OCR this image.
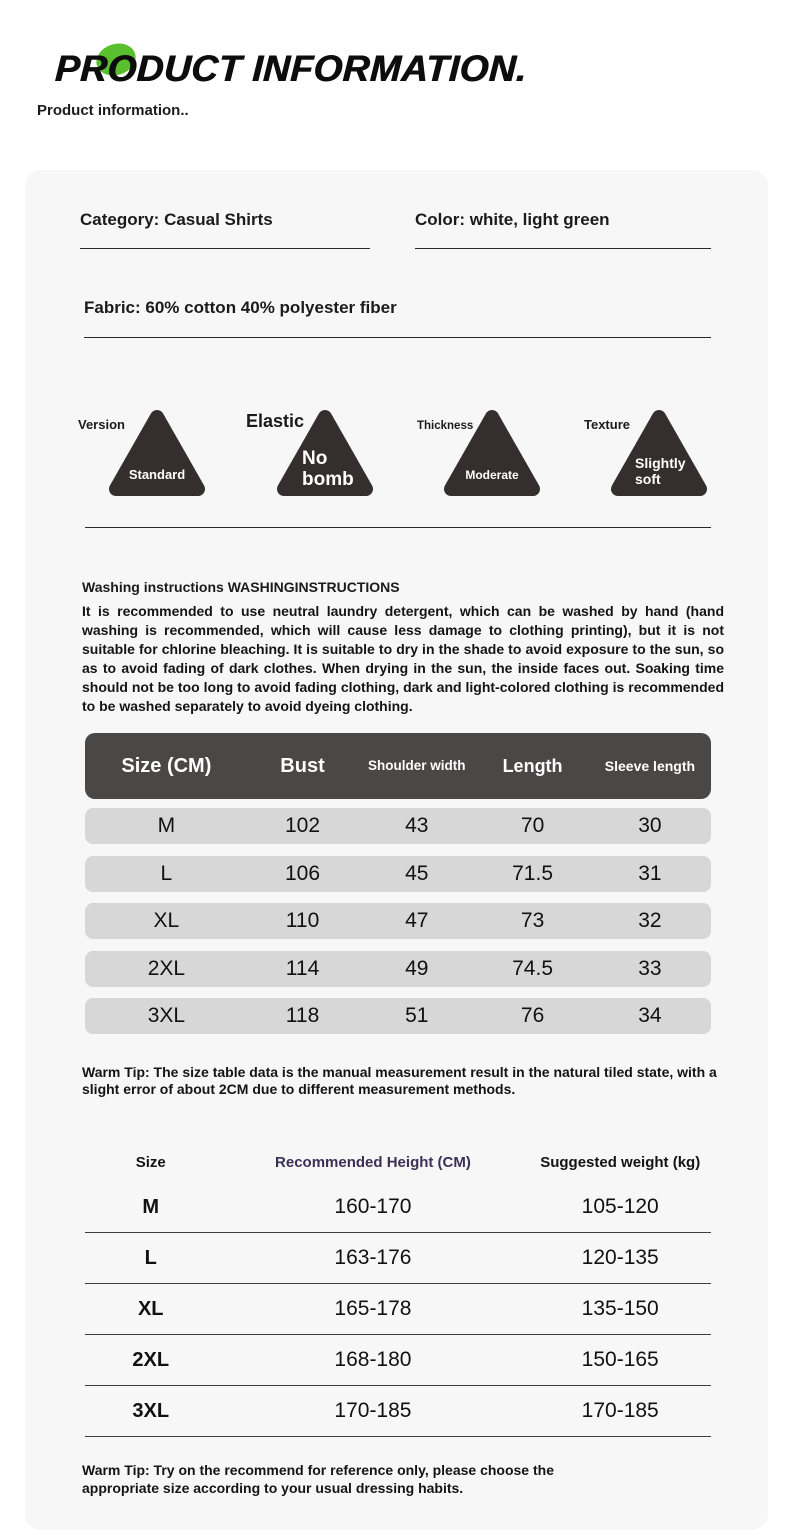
PRODUCT INFORMATION.
Product information..
Category: Casual Shirts	Color: white, light green
Fabric: 60% cotton 40% polyester fiber
Version
Standard
Elastic
No bomb
Thickness
Moderate
Texture
Slightly soft
Washing instructions WASHINGINSTRUCTIONS

It is recommended to use neutral laundry detergent, which can be washed by hand (hand washing is recommended, which will cause less damage to clothing printing), but it is not suitable for chlorine bleaching. It is suitable to dry in the shade to avoid exposure to the sun, so as to avoid fading of dark clothes. When drying in the sun, the inside faces out. Soaking time should not be too long to avoid fading clothing, dark and light-colored clothing is recommended to be washed separately to avoid dyeing clothing.

Size (CM)	Bust	Shoulder width	Length	Sleeve length
M	102	43	70	30
L	106	45	71.5	31
XL	110	47	73	32
2XL	114	49	74.5	33
3XL	118	51	76	34

Warm Tip: The size table data is the manual measurement result in the natural tiled state, with a slight error of about 2CM due to different measurement methods.

Size	Recommended Height (CM)	Suggested weight (kg)
M	160-170	105-120
L	163-176	120-135
XL	165-178	135-150
2XL	168-180	150-165
3XL	170-185	170-185

Warm Tip: Try on the recommend for reference only, please choose the appropriate size according to your usual dressing habits.
